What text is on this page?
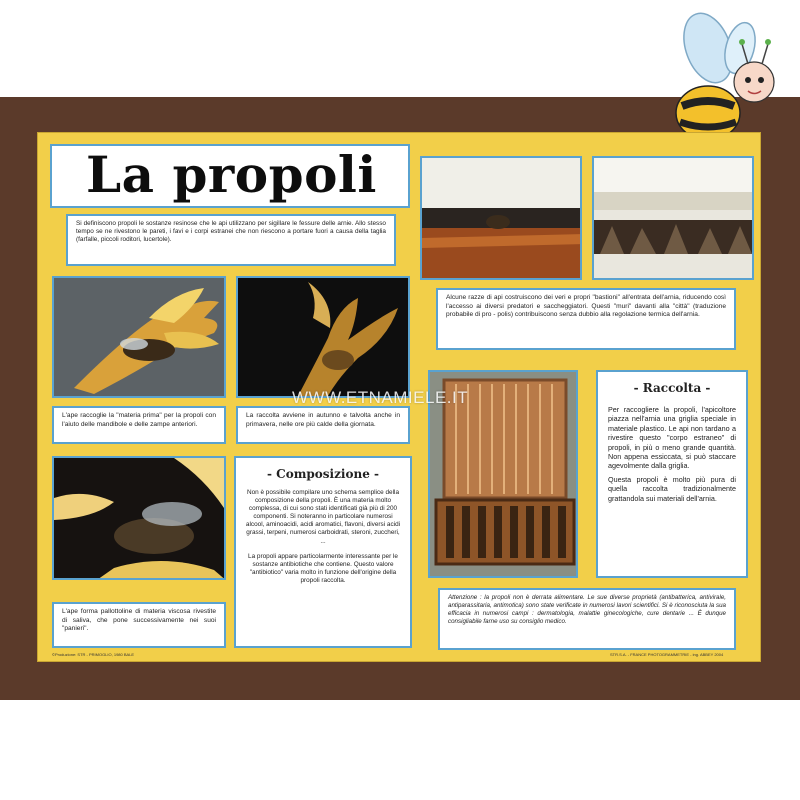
La propoli
Si definiscono propoli le sostanze resinose che le api utilizzano per sigillare le fessure delle arnie. Allo stesso tempo se ne rivestono le pareti, i favi e i corpi estranei che non riescono a portare fuori a causa della taglia (farfalle, piccoli roditori, lucertole).
L'ape raccoglie la "materia prima" per la propoli con l'aiuto delle mandibole e delle zampe anteriori.
La raccolta avviene in autunno e talvolta anche in primavera, nelle ore più calde della giornata.
L'ape forma pallottoline di materia viscosa rivestite di saliva, che pone successivamente nei suoi "panieri".
- Composizione -
Non è possibile compilare uno schema semplice della composizione della propoli. È una materia molto complessa, di cui sono stati identificati già più di 200 componenti. Si noteranno in particolare numerosi alcool, aminoacidi, acidi aromatici, flavoni, diversi acidi grassi, terpeni, numerosi carboidrati, steroni, zuccheri, ...
La propoli appare particolarmente interessante per le sostanze antibiotiche che contiene. Questo valore "antibiotico" varia molto in funzione dell'origine della propoli raccolta.
Alcune razze di api costruiscono dei veri e propri "bastioni" all'entrata dell'arnia, riducendo così l'accesso ai diversi predatori e saccheggiatori. Questi "muri" davanti alla "città" (traduzione probabile di pro - polis) contribuiscono senza dubbio alla regolazione termica dell'arnia.
- Raccolta -
Per raccogliere la propoli, l'apicoltore piazza nell'arnia una griglia speciale in materiale plastico. Le api non tardano a rivestire questo "corpo estraneo" di propoli, in più o meno grande quantità. Non appena essiccata, si può staccare agevolmente dalla griglia.
Questa propoli è molto più pura di quella raccolta tradizionalmente grattandola sui materiali dell'arnia.
Attenzione : la propoli non è derrata alimentare. Le sue diverse proprietà (antibatterica, antivirale, antiparassitaria, antimotica) sono state verificate in numerosi lavori scientifici. Si è riconosciuta la sua efficacia in numerosi campi : dermatologia, malattie ginecologiche, cure dentarie ... È dunque consigliabile farne uso su consiglio medico.
©Produzione: STR - PRIMOGLIO, 1980 BALE	STR.S.A. - FRANCE PHOTOGRAMMETRIE - ing. ABBEY 2004
WWW.ETNAMIELE.IT
